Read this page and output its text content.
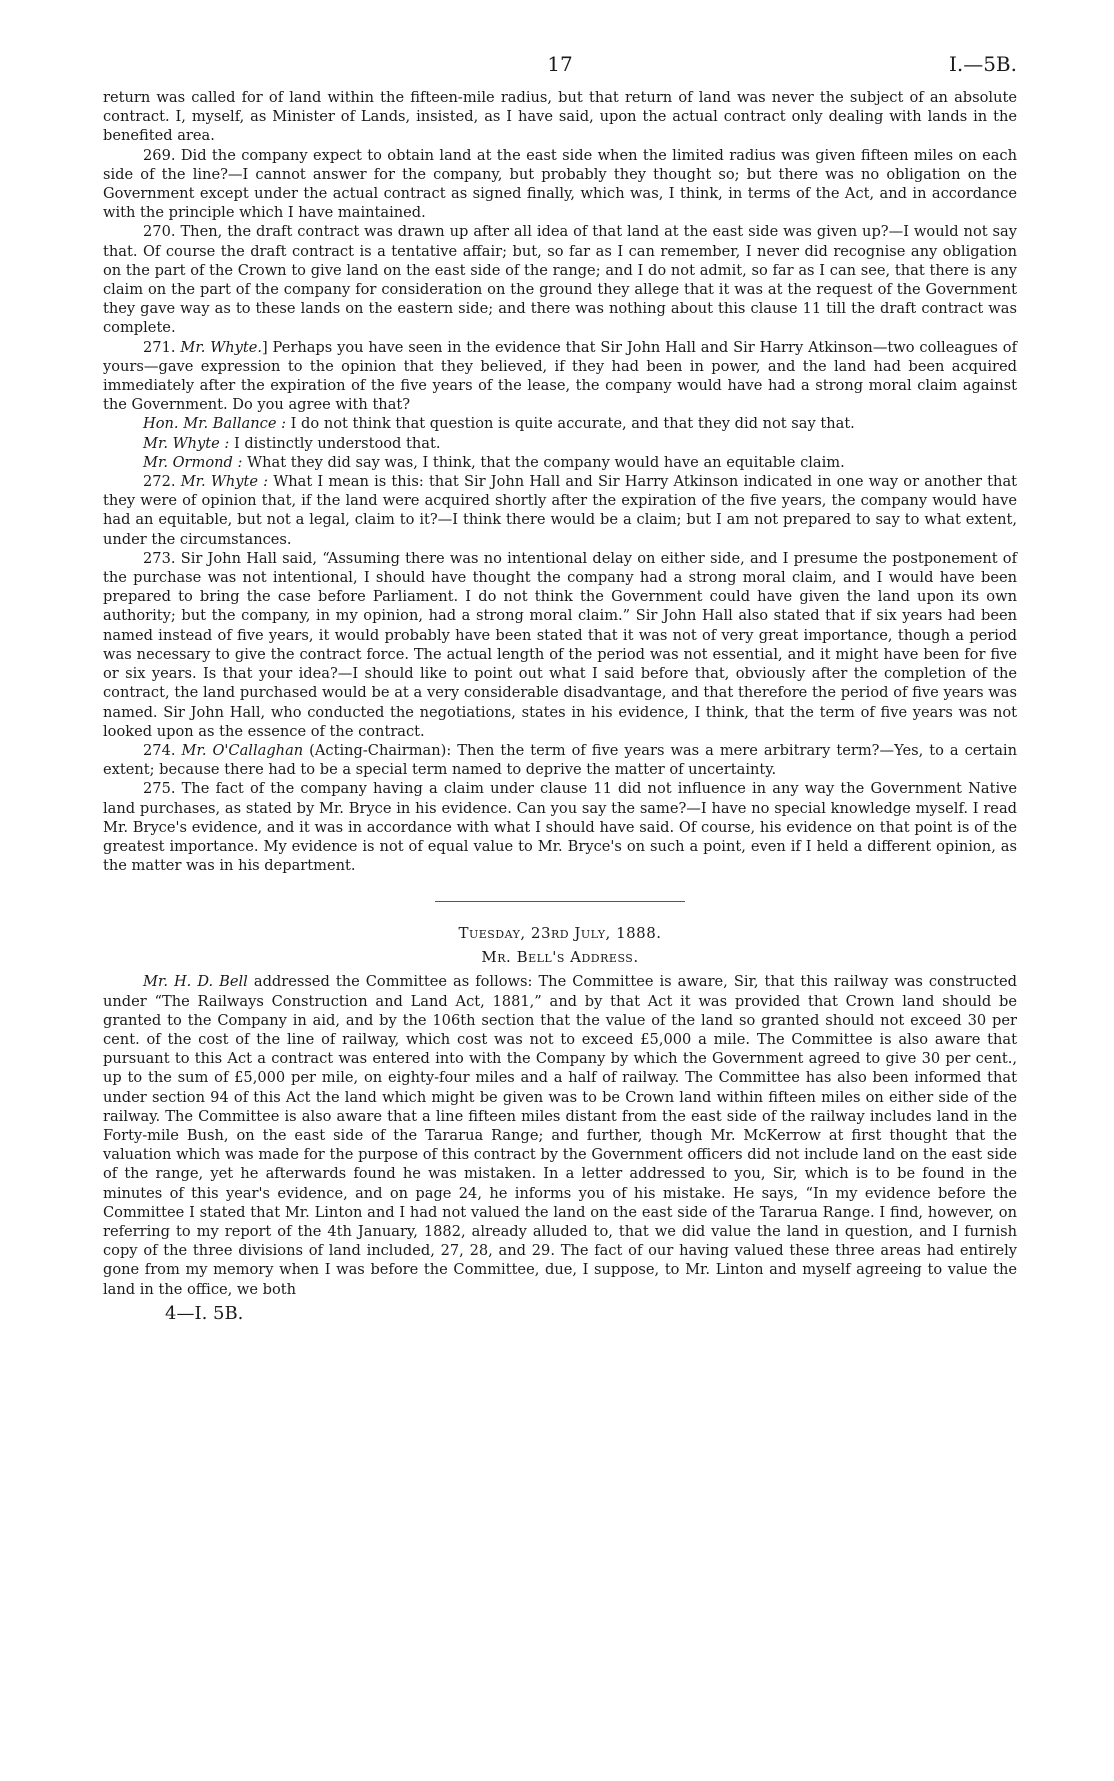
17	I.—5B.

return was called for of land within the fifteen-mile radius, but that return of land was never the subject of an absolute contract. I, myself, as Minister of Lands, insisted, as I have said, upon the actual contract only dealing with lands in the benefited area.

269. Did the company expect to obtain land at the east side when the limited radius was given fifteen miles on each side of the line?—I cannot answer for the company, but probably they thought so; but there was no obligation on the Government except under the actual contract as signed finally, which was, I think, in terms of the Act, and in accordance with the principle which I have maintained.

270. Then, the draft contract was drawn up after all idea of that land at the east side was given up?—I would not say that. Of course the draft contract is a tentative affair; but, so far as I can remember, I never did recognise any obligation on the part of the Crown to give land on the east side of the range; and I do not admit, so far as I can see, that there is any claim on the part of the company for consideration on the ground they allege that it was at the request of the Government they gave way as to these lands on the eastern side; and there was nothing about this clause 11 till the draft contract was complete.

271. Mr. Whyte.] Perhaps you have seen in the evidence that Sir John Hall and Sir Harry Atkinson—two colleagues of yours—gave expression to the opinion that they believed, if they had been in power, and the land had been acquired immediately after the expiration of the five years of the lease, the company would have had a strong moral claim against the Government. Do you agree with that?

Hon. Mr. Ballance : I do not think that question is quite accurate, and that they did not say that.

Mr. Whyte : I distinctly understood that.

Mr. Ormond : What they did say was, I think, that the company would have an equitable claim.

272. Mr. Whyte : What I mean is this: that Sir John Hall and Sir Harry Atkinson indicated in one way or another that they were of opinion that, if the land were acquired shortly after the expiration of the five years, the company would have had an equitable, but not a legal, claim to it?—I think there would be a claim; but I am not prepared to say to what extent, under the circumstances.

273. Sir John Hall said, “Assuming there was no intentional delay on either side, and I presume the postponement of the purchase was not intentional, I should have thought the company had a strong moral claim, and I would have been prepared to bring the case before Parliament. I do not think the Government could have given the land upon its own authority; but the company, in my opinion, had a strong moral claim.” Sir John Hall also stated that if six years had been named instead of five years, it would probably have been stated that it was not of very great importance, though a period was necessary to give the contract force. The actual length of the period was not essential, and it might have been for five or six years. Is that your idea?—I should like to point out what I said before that, obviously after the completion of the contract, the land purchased would be at a very considerable disadvantage, and that therefore the period of five years was named. Sir John Hall, who conducted the negotiations, states in his evidence, I think, that the term of five years was not looked upon as the essence of the contract.

274. Mr. O'Callaghan (Acting-Chairman): Then the term of five years was a mere arbitrary term?—Yes, to a certain extent; because there had to be a special term named to deprive the matter of uncertainty.

275. The fact of the company having a claim under clause 11 did not influence in any way the Government Native land purchases, as stated by Mr. Bryce in his evidence. Can you say the same?—I have no special knowledge myself. I read Mr. Bryce's evidence, and it was in accordance with what I should have said. Of course, his evidence on that point is of the greatest importance. My evidence is not of equal value to Mr. Bryce's on such a point, even if I held a different opinion, as the matter was in his department.

Tuesday, 23rd July, 1888.

Mr. Bell's Address.

Mr. H. D. Bell addressed the Committee as follows: The Committee is aware, Sir, that this railway was constructed under “The Railways Construction and Land Act, 1881,” and by that Act it was provided that Crown land should be granted to the Company in aid, and by the 106th section that the value of the land so granted should not exceed 30 per cent. of the cost of the line of railway, which cost was not to exceed £5,000 a mile. The Committee is also aware that pursuant to this Act a contract was entered into with the Company by which the Government agreed to give 30 per cent., up to the sum of £5,000 per mile, on eighty-four miles and a half of railway. The Committee has also been informed that under section 94 of this Act the land which might be given was to be Crown land within fifteen miles on either side of the railway. The Committee is also aware that a line fifteen miles distant from the east side of the railway includes land in the Forty-mile Bush, on the east side of the Tararua Range; and further, though Mr. McKerrow at first thought that the valuation which was made for the purpose of this contract by the Government officers did not include land on the east side of the range, yet he afterwards found he was mistaken. In a letter addressed to you, Sir, which is to be found in the minutes of this year's evidence, and on page 24, he informs you of his mistake. He says, “In my evidence before the Committee I stated that Mr. Linton and I had not valued the land on the east side of the Tararua Range. I find, however, on referring to my report of the 4th January, 1882, already alluded to, that we did value the land in question, and I furnish copy of the three divisions of land included, 27, 28, and 29. The fact of our having valued these three areas had entirely gone from my memory when I was before the Committee, due, I suppose, to Mr. Linton and myself agreeing to value the land in the office, we both

4—I. 5B.
